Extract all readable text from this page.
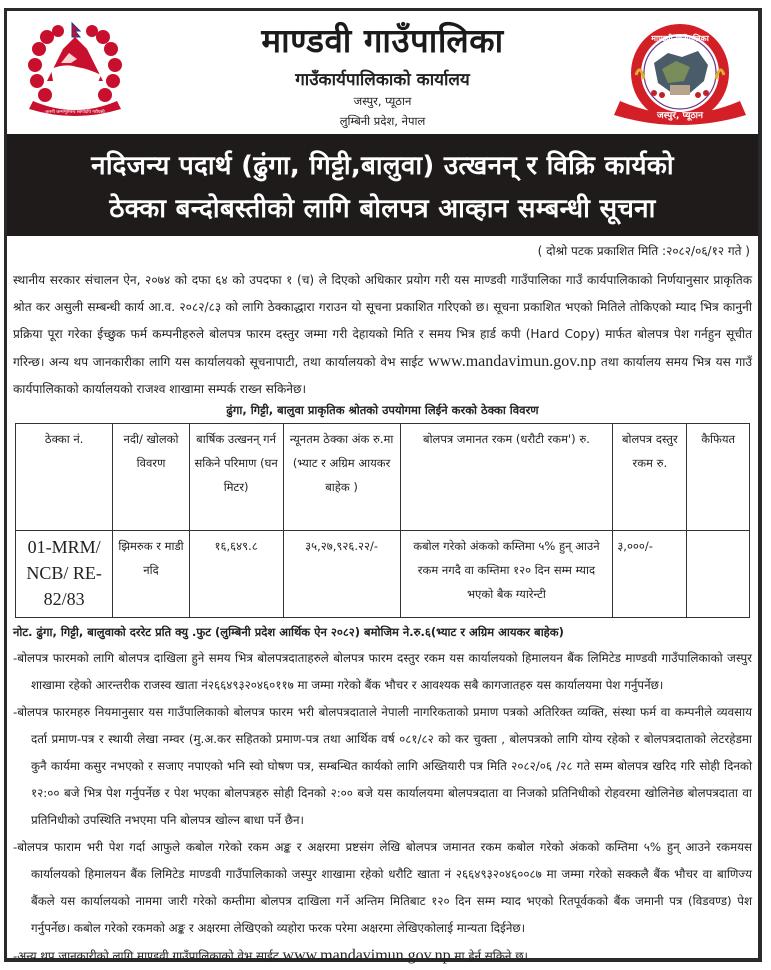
जननी जन्मभूमिश्च स्वर्गादपि गरीयसी
माण्डवी गाउँपालिका
गाउँकार्यपालिकाको कार्यालय
जस्पुर, प्यूठान
लुम्बिनी प्रदेश, नेपाल	जस्पुर, प्यूठान
माण्डवी गाउँपालिका
नदिजन्य पदार्थ (ढुंगा, गिट्टी,बालुवा) उत्खनन् र विक्रि कार्यको
ठेक्का बन्दोबस्तीको लागि बोलपत्र आव्हान सम्बन्धी सूचना
( दोश्रो पटक प्रकाशित मिति :२०८२/०६/१२ गते )
स्थानीय सरकार संचालन ऐन, २०७४ को दफा ६४ को उपदफा १ (च) ले दिएको अधिकार प्रयोग गरी यस माण्डवी गाउँपालिका गाउँ कार्यपालिकाको निर्णयानुसार प्राकृतिक श्रोत कर असुली सम्बन्धी कार्य आ.व. २०८२/८३ को लागि ठेक्काद्धारा गराउन यो सूचना प्रकाशित गरिएको छ। सूचना प्रकाशित भएको मितिले तोकिएको म्याद भित्र कानुनी प्रक्रिया पूरा गरेका ईच्छुक फर्म कम्पनीहरुले बोलपत्र फारम दस्तुर जम्मा गरी देहायको मिति र समय भित्र हार्ड कपी (Hard Copy) मार्फत बोलपत्र पेश गर्नहुन सूचीत गरिन्छ। अन्य थप जानकारीका लागि यस कार्यालयको सूचनापाटी, तथा कार्यालयको वेभ साईट www.mandavimun.gov.np तथा कार्यालय समय भित्र यस गाउँ कार्यपालिकाको कार्यालयको राजश्व शाखामा सम्पर्क राख्न सकिनेछ।
ढुंगा, गिट्टी, बालुवा प्राकृतिक श्रोतको उपयोगमा लिईने करको ठेक्का विवरण
ठेक्का नं.	नदी/ खोलको विवरण	बार्षिक उत्खनन् गर्न सकिने परिमाण (घन मिटर)	न्यूनतम ठेक्का अंक रु.मा (भ्याट र अग्रिम आयकर बाहेक )	बोलपत्र जमानत रकम (धरौटी रकम') रु.	बोलपत्र दस्तुर रकम रु.	कैफियत
01-MRM/ NCB/ RE-82/83	झिमरुक र माडी नदि	१६,६४९.८	३५,२७,९२६.२२/-	कबोल गरेको अंकको कम्तिमा ५% हुन् आउने रकम नगदै वा कम्तिमा १२० दिन सम्म म्याद भएको बैक ग्यारेन्टी	३,०००/-	
नोट. ढुंगा, गिट्टी, बालुवाको दररेट प्रति क्यु .फुट (लुम्बिनी प्रदेश आर्थिक ऐन २०८२) बमोजिम ने.रु.६(भ्याट र अग्रिम आयकर बाहेक)
-बोलपत्र फारमको लागि बोलपत्र दाखिला हुने समय भित्र बोलपत्रदाताहरुले बोलपत्र फारम दस्तुर रकम यस कार्यालयको हिमालयन बैंक लिमिटेड माण्डवी गाउँपालिकाको जस्पुर शाखामा रहेको आरन्तरीक राजस्व खाता नं२६६४९३२०४६०११७ मा जम्मा गरेको बैंक भौचर र आवश्यक सबै कागजातहरु यस कार्यालयमा पेश गर्नुपर्नेछ।
-बोलपत्र फारमहरु नियमानुसार यस गाउँपालिकाको बोलपत्र फारम भरी बोलपत्रदाताले नेपाली नागरिकताको प्रमाण पत्रको अतिरिक्त व्यक्ति, संस्था फर्म वा कम्पनीले व्यवसाय दर्ता प्रमाण-पत्र र स्थायी लेखा नम्वर (मु.अ.कर सहितको प्रमाण-पत्र तथा आर्थिक वर्ष ०८१/८२ को कर चुक्ता , बोलपत्रको लागि योग्य रहेको र बोलपत्रदाताको लेटरहेडमा कुनै कार्यमा कसुर नभएको र सजाए नपाएको भनि स्वो घोषण पत्र, सम्बन्धित कार्यको लागि अख्तियारी पत्र मिति २०८२/०६ /२८ गते सम्म बोलपत्र खरिद गरि सोही दिनको १२:०० बजे भित्र पेश गर्नुपर्नेछ र पेश भएका बोलपत्रहरु सोही दिनको २:०० बजे यस कार्यालयमा बोलपत्रदाता वा निजको प्रतिनिधीको रोहवरमा खोलिनेछ बोलपत्रदाता वा प्रतिनिधीको उपस्थिति नभएमा पनि बोलपत्र खोल्न बाधा पर्ने छैन।
-बोलपत्र फाराम भरी पेश गर्दा आफुले कबोल गरेको रकम अङ्क र अक्षरमा प्रष्टसंग लेखि बोलपत्र जमानत रकम कबोल गरेको अंकको कम्तिमा ५% हुन् आउने रकमयस कार्यालयको हिमालयन बैंक लिमिटेड माण्डवी गाउँपालिकाको जस्पुर शाखामा रहेको धरौटि खाता नं २६६४९३२०४६००८७ मा जम्मा गरेको सक्कलै बैंक भौचर वा बाणिज्य बैंकले यस कार्यालयको नाममा जारी गरेको कम्तीमा बोलपत्र दाखिला गर्ने अन्तिम मितिबाट १२० दिन सम्म म्याद भएको रितपूर्वकको बैंक जमानी पत्र (विडवण्ड) पेश गर्नुपर्नेछ। कबोल गरेको रकमको अङ्क र अक्षरमा लेखिएको व्यहोरा फरक परेमा अक्षरमा लेखिएकोलाई मान्यता दिईनेछ।
-अन्य थप जानकारीको लागि माण्डवी गाउँपालिकाको वेभ साईट www.mandavimun.gov.np मा हेर्न सकिने छ।
